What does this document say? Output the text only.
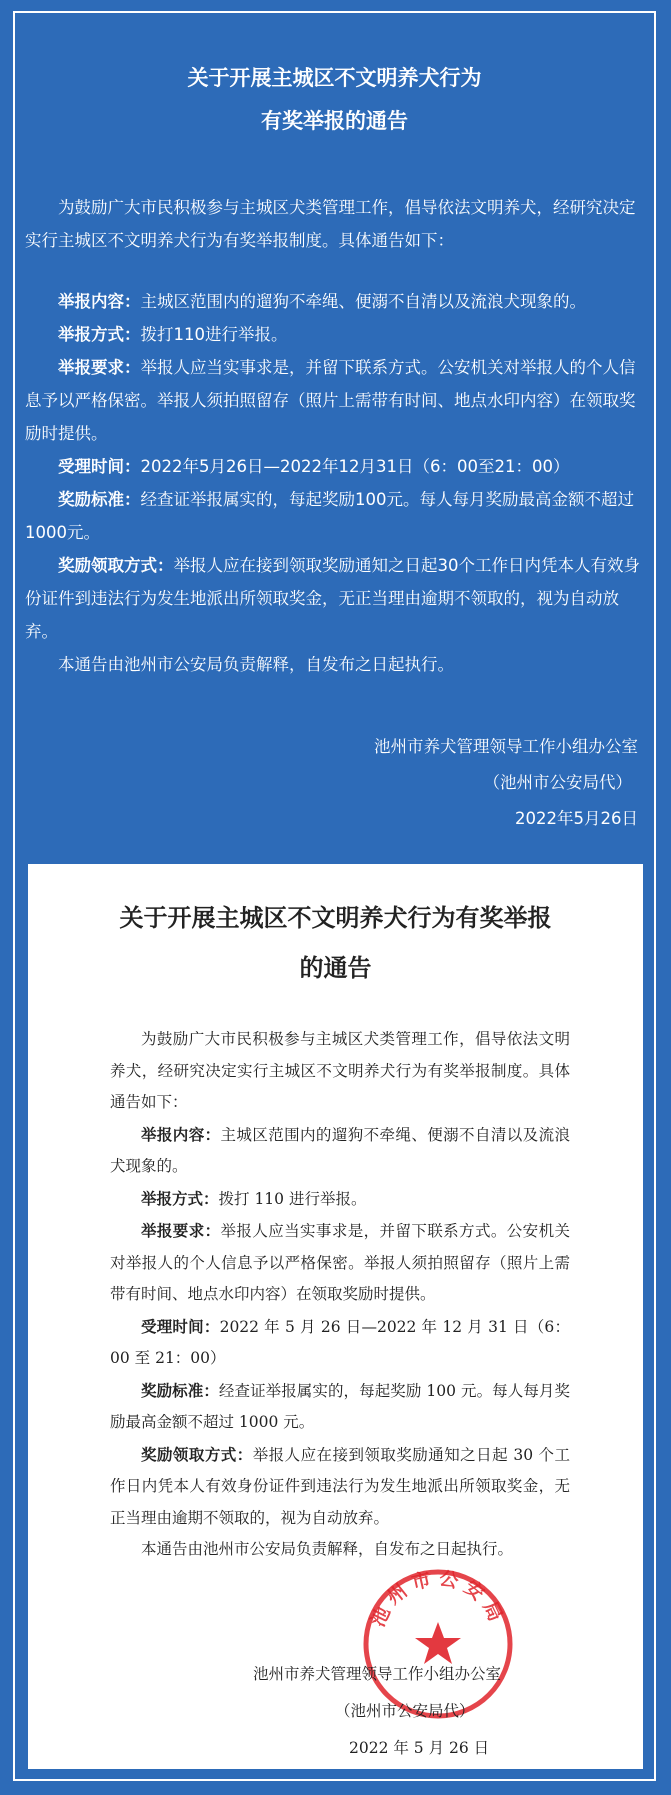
关于开展主城区不文明养犬行为
有奖举报的通告

为鼓励广大市民积极参与主城区犬类管理工作，倡导依法文明养犬，经研究决定实行主城区不文明养犬行为有奖举报制度。具体通告如下：

举报内容：主城区范围内的遛狗不牵绳、便溺不自清以及流浪犬现象的。

举报方式：拨打110进行举报。

举报要求：举报人应当实事求是，并留下联系方式。公安机关对举报人的个人信息予以严格保密。举报人须拍照留存（照片上需带有时间、地点水印内容）在领取奖励时提供。

受理时间：2022年5月26日—2022年12月31日（6：00至21：00）

奖励标准：经查证举报属实的，每起奖励100元。每人每月奖励最高金额不超过1000元。

奖励领取方式：举报人应在接到领取奖励通知之日起30个工作日内凭本人有效身份证件到违法行为发生地派出所领取奖金，无正当理由逾期不领取的，视为自动放弃。

本通告由池州市公安局负责解释，自发布之日起执行。

池州市养犬管理领导工作小组办公室
（池州市公安局代）
2022年5月26日
关于开展主城区不文明养犬行为有奖举报
的通告

为鼓励广大市民积极参与主城区犬类管理工作，倡导依法文明养犬，经研究决定实行主城区不文明养犬行为有奖举报制度。具体通告如下：

举报内容：主城区范围内的遛狗不牵绳、便溺不自清以及流浪犬现象的。

举报方式：拨打 110 进行举报。

举报要求：举报人应当实事求是，并留下联系方式。公安机关对举报人的个人信息予以严格保密。举报人须拍照留存（照片上需带有时间、地点水印内容）在领取奖励时提供。

受理时间：2022 年 5 月 26 日—2022 年 12 月 31 日（6：00 至 21：00）

奖励标准：经查证举报属实的，每起奖励 100 元。每人每月奖励最高金额不超过 1000 元。

奖励领取方式：举报人应在接到领取奖励通知之日起 30 个工作日内凭本人有效身份证件到违法行为发生地派出所领取奖金，无正当理由逾期不领取的，视为自动放弃。

本通告由池州市公安局负责解释，自发布之日起执行。

池州市公安局
池州市养犬管理领导工作小组办公室
（池州市公安局代）
2022 年 5 月 26 日
